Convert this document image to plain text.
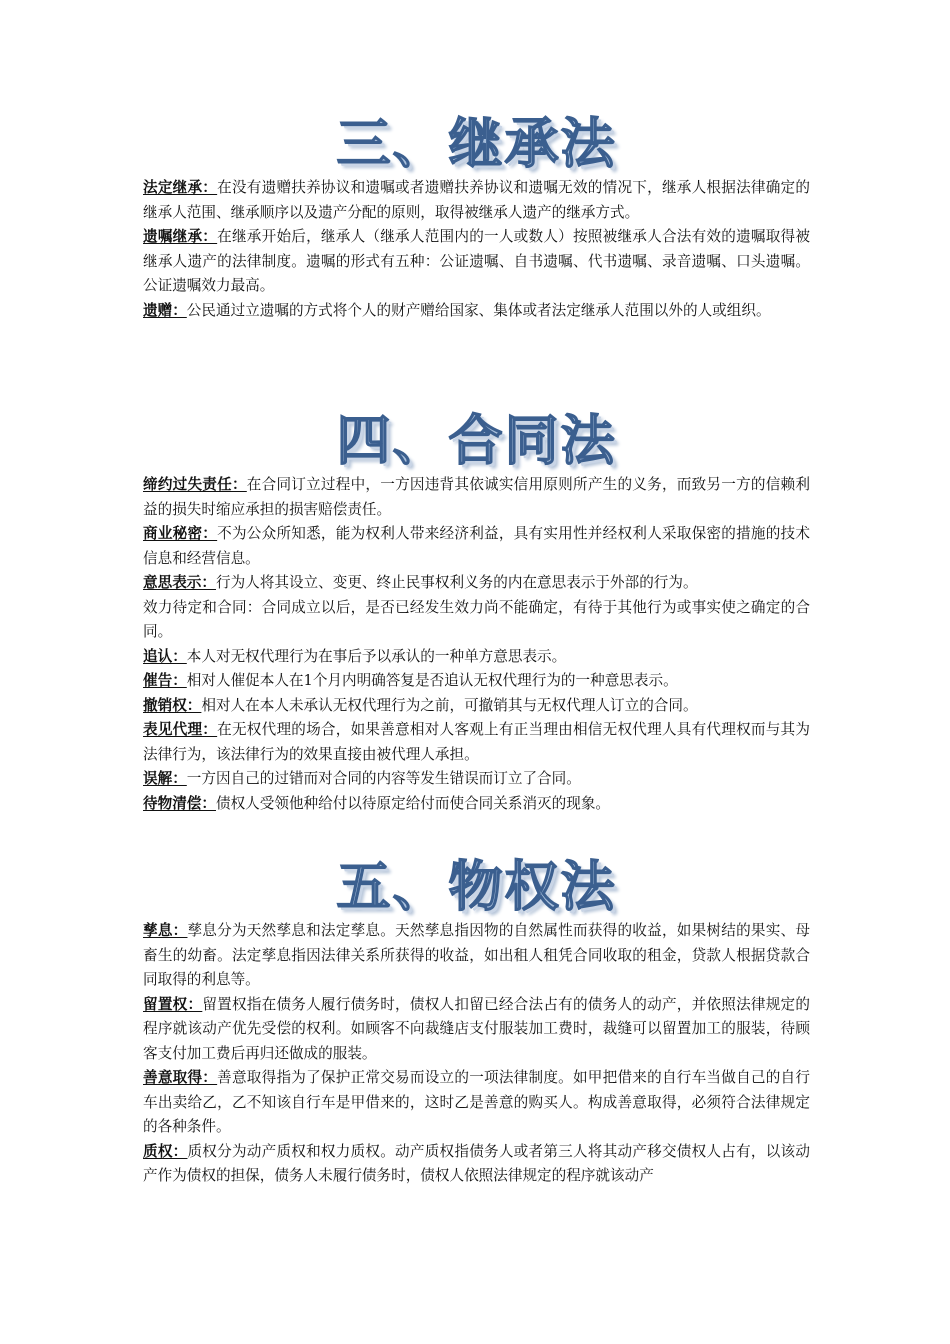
三、继承法

法定继承：在没有遗赠扶养协议和遗嘱或者遗赠扶养协议和遗嘱无效的情况下，继承人根据法律确定的继承人范围、继承顺序以及遗产分配的原则，取得被继承人遗产的继承方式。

遗嘱继承：在继承开始后，继承人（继承人范围内的一人或数人）按照被继承人合法有效的遗嘱取得被继承人遗产的法律制度。遗嘱的形式有五种：公证遗嘱、自书遗嘱、代书遗嘱、录音遗嘱、口头遗嘱。公证遗嘱效力最高。

遗赠：公民通过立遗嘱的方式将个人的财产赠给国家、集体或者法定继承人范围以外的人或组织。

四、合同法

缔约过失责任：在合同订立过程中，一方因违背其依诚实信用原则所产生的义务，而致另一方的信赖利益的损失时缩应承担的损害赔偿责任。

商业秘密：不为公众所知悉，能为权利人带来经济利益，具有实用性并经权利人采取保密的措施的技术信息和经营信息。

意思表示：行为人将其设立、变更、终止民事权利义务的内在意思表示于外部的行为。

效力待定和合同：合同成立以后，是否已经发生效力尚不能确定，有待于其他行为或事实使之确定的合同。

追认：本人对无权代理行为在事后予以承认的一种单方意思表示。

催告：相对人催促本人在1个月内明确答复是否追认无权代理行为的一种意思表示。

撤销权：相对人在本人未承认无权代理行为之前，可撤销其与无权代理人订立的合同。

表见代理：在无权代理的场合，如果善意相对人客观上有正当理由相信无权代理人具有代理权而与其为法律行为，该法律行为的效果直接由被代理人承担。

误解：一方因自己的过错而对合同的内容等发生错误而订立了合同。

待物清偿：债权人受领他种给付以待原定给付而使合同关系消灭的现象。

五、物权法

孳息：孳息分为天然孳息和法定孳息。天然孳息指因物的自然属性而获得的收益，如果树结的果实、母畜生的幼畜。法定孳息指因法律关系所获得的收益，如出租人租凭合同收取的租金，贷款人根据贷款合同取得的利息等。

留置权：留置权指在债务人履行债务时，债权人扣留已经合法占有的债务人的动产，并依照法律规定的程序就该动产优先受偿的权利。如顾客不向裁缝店支付服装加工费时，裁缝可以留置加工的服装，待顾客支付加工费后再归还做成的服装。

善意取得：善意取得指为了保护正常交易而设立的一项法律制度。如甲把借来的自行车当做自己的自行车出卖给乙，乙不知该自行车是甲借来的，这时乙是善意的购买人。构成善意取得，必须符合法律规定的各种条件。

质权：质权分为动产质权和权力质权。动产质权指债务人或者第三人将其动产移交债权人占有，以该动产作为债权的担保，债务人未履行债务时，债权人依照法律规定的程序就该动产
